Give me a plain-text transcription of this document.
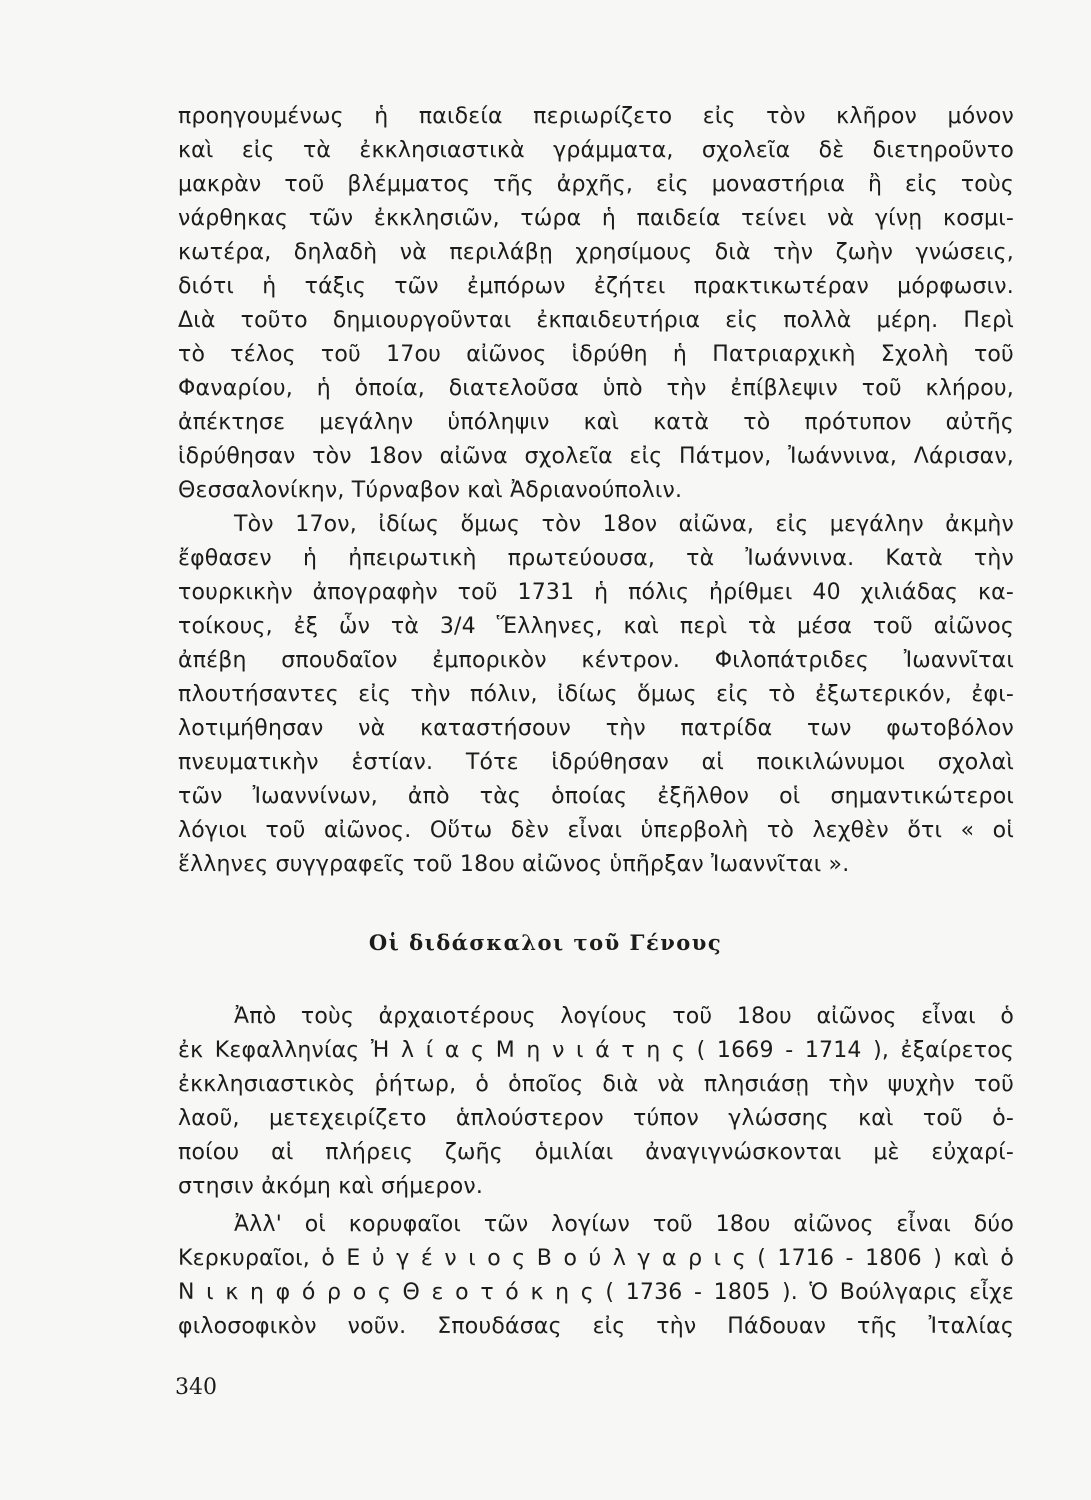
προηγουμένως ἡ παιδεία περιωρίζετο εἰς τὸν κλῆρον μόνον
καὶ εἰς τὰ ἐκκλησιαστικὰ γράμματα, σχολεῖα δὲ διετηροῦντο
μακρὰν τοῦ βλέμματος τῆς ἀρχῆς, εἰς μοναστήρια ἢ εἰς τοὺς
νάρθηκας τῶν ἐκκλησιῶν, τώρα ἡ παιδεία τείνει νὰ γίνῃ κοσμι-
κωτέρα, δηλαδὴ νὰ περιλάβῃ χρησίμους διὰ τὴν ζωὴν γνώσεις,
διότι ἡ τάξις τῶν ἐμπόρων ἐζήτει πρακτικωτέραν μόρφωσιν.
Διὰ τοῦτο δημιουργοῦνται ἐκπαιδευτήρια εἰς πολλὰ μέρη. Περὶ
τὸ τέλος τοῦ 17ου αἰῶνος ἱδρύθη ἡ Πατριαρχικὴ Σχολὴ τοῦ
Φαναρίου, ἡ ὁποία, διατελοῦσα ὑπὸ τὴν ἐπίβλεψιν τοῦ κλήρου,
ἀπέκτησε μεγάλην ὑπόληψιν καὶ κατὰ τὸ πρότυπον αὐτῆς
ἱδρύθησαν τὸν 18ον αἰῶνα σχολεῖα εἰς Πάτμον, Ἰωάννινα, Λάρισαν,
Θεσσαλονίκην, Τύρναβον καὶ Ἀδριανούπολιν.
Τὸν 17ον, ἰδίως ὅμως τὸν 18ον αἰῶνα, εἰς μεγάλην ἀκμὴν
ἔφθασεν ἡ ἠπειρωτικὴ πρωτεύουσα, τὰ Ἰωάννινα. Κατὰ τὴν
τουρκικὴν ἀπογραφὴν τοῦ 1731 ἡ πόλις ἠρίθμει 40 χιλιάδας κα-
τοίκους, ἐξ ὧν τὰ 3/4 Ἕλληνες, καὶ περὶ τὰ μέσα τοῦ αἰῶνος
ἀπέβη σπουδαῖον ἐμπορικὸν κέντρον. Φιλοπάτριδες Ἰωαννῖται
πλουτήσαντες εἰς τὴν πόλιν, ἰδίως ὅμως εἰς τὸ ἐξωτερικόν, ἐφι-
λοτιμήθησαν νὰ καταστήσουν τὴν πατρίδα των φωτοβόλον
πνευματικὴν ἑστίαν. Τότε ἱδρύθησαν αἱ ποικιλώνυμοι σχολαὶ
τῶν Ἰωαννίνων, ἀπὸ τὰς ὁποίας ἐξῆλθον οἱ σημαντικώτεροι
λόγιοι τοῦ αἰῶνος. Οὕτω δὲν εἶναι ὑπερβολὴ τὸ λεχθὲν ὅτι « οἱ
ἕλληνες συγγραφεῖς τοῦ 18ου αἰῶνος ὑπῆρξαν Ἰωαννῖται ».
Οἱ διδάσκαλοι τοῦ Γένους
Ἀπὸ τοὺς ἀρχαιοτέρους λογίους τοῦ 18ου αἰῶνος εἶναι ὁ
ἐκ Κεφαλληνίας Ἠ λ ί α ς Μ η ν ι ά τ η ς ( 1669 - 1714 ), ἐξαίρετος
ἐκκλησιαστικὸς ῥήτωρ, ὁ ὁποῖος διὰ νὰ πλησιάσῃ τὴν ψυχὴν τοῦ
λαοῦ, μετεχειρίζετο ἁπλούστερον τύπον γλώσσης καὶ τοῦ ὁ-
ποίου αἱ πλήρεις ζωῆς ὁμιλίαι ἀναγιγνώσκονται μὲ εὐχαρί-
στησιν ἀκόμη καὶ σήμερον.
Ἀλλ' οἱ κορυφαῖοι τῶν λογίων τοῦ 18ου αἰῶνος εἶναι δύο
Κερκυραῖοι, ὁ Ε ὐ γ έ ν ι ο ς Β ο ύ λ γ α ρ ι ς ( 1716 - 1806 ) καὶ ὁ
Ν ι κ η φ ό ρ ο ς Θ ε ο τ ό κ η ς ( 1736 - 1805 ). Ὁ Βούλγαρις εἶχε
φιλοσοφικὸν νοῦν. Σπουδάσας εἰς τὴν Πάδουαν τῆς Ἰταλίας
340
